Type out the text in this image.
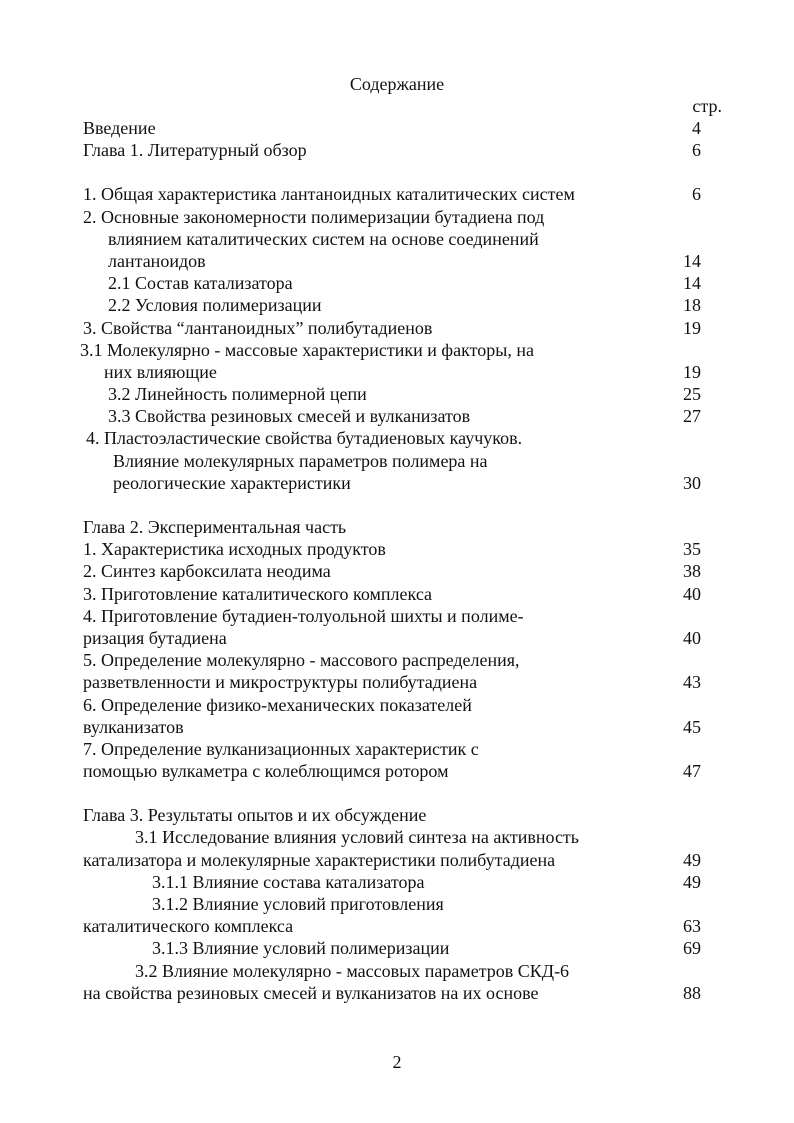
Содержание
стр.
Введение	4
Глава 1. Литературный обзор	6
1. Общая характеристика лантаноидных каталитических систем	6
2. Основные закономерности полимеризации бутадиена под
влиянием каталитических систем на основе соединений
лантаноидов	14
2.1 Состав катализатора	14
2.2 Условия полимеризации	18
3. Свойства “лантаноидных” полибутадиенов	19
3.1 Молекулярно - массовые характеристики и факторы, на
них влияющие	19
3.2 Линейность полимерной цепи	25
3.3 Свойства резиновых смесей и вулканизатов	27
4. Пластоэластические свойства бутадиеновых каучуков.
Влияние молекулярных параметров полимера на
реологические характеристики	30
Глава 2. Экспериментальная часть
1. Характеристика исходных продуктов	35
2. Синтез карбоксилата неодима	38
3. Приготовление каталитического комплекса	40
4. Приготовление бутадиен-толуольной шихты и полиме-
ризация бутадиена	40
5. Определение молекулярно - массового распределения,
разветвленности и микроструктуры полибутадиена	43
6. Определение физико-механических показателей
вулканизатов	45
7. Определение вулканизационных характеристик с
помощью вулкаметра с колеблющимся ротором	47
Глава 3. Результаты опытов и их обсуждение
3.1 Исследование влияния условий синтеза на активность
катализатора и молекулярные характеристики полибутадиена	49
3.1.1 Влияние состава катализатора	49
3.1.2 Влияние условий приготовления
каталитического комплекса	63
3.1.3 Влияние условий полимеризации	69
3.2 Влияние молекулярно - массовых параметров СКД-6
на свойства резиновых смесей и вулканизатов на их основе	88
2
